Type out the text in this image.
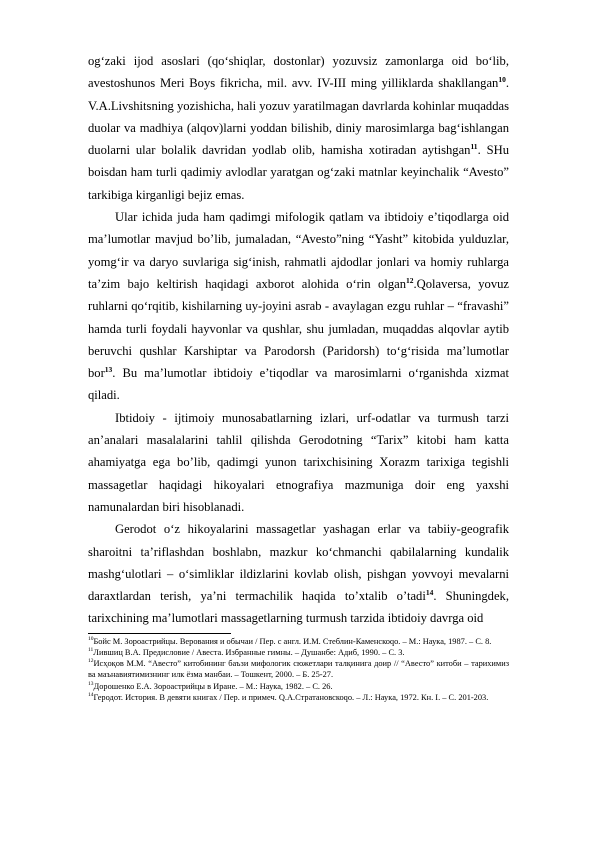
og‘zaki ijod asoslari (qo‘shiqlar, dostonlar) yozuvsiz zamonlarga oid bo‘lib, avestoshunos Meri Boys fikricha, mil. avv. IV-III ming yilliklarda shakllangan$^{10}$. V.A.Livshitsning yozishicha, hali yozuv yaratilmagan davrlarda kohinlar muqaddas duolar va madhiya (alqov)larni yoddan bilishib, diniy marosimlarga bag‘ishlangan duolarni ular bolalik davridan yodlab olib, hamisha xotiradan aytishgan$^{11}$. SHu boisdan ham turli qadimiy avlodlar yaratgan og‘zaki matnlar keyinchalik “Avesto” tarkibiga kirganligi bejiz emas.

Ular ichida juda ham qadimgi mifologik qatlam va ibtidoiy e’tiqodlarga oid ma’lumotlar mavjud bo’lib, jumaladan, “Avesto”ning “Yasht” kitobida yulduzlar, yomg‘ir va daryo suvlariga sig‘inish, rahmatli ajdodlar jonlari va homiy ruhlarga ta’zim bajo keltirish haqidagi axborot alohida o‘rin olgan$^{12}$.Qolaversa, yovuz ruhlarni qo‘rqitib, kishilarning uy-joyini asrab - avaylagan ezgu ruhlar – “fravashi” hamda turli foydali hayvonlar va qushlar, shu jumladan, muqaddas alqovlar aytib beruvchi qushlar Karshiptar va Parodorsh (Paridorsh) to‘g‘risida ma’lumotlar bor$^{13}$. Bu ma’lumotlar ibtidoiy e’tiqodlar va marosimlarni o‘rganishda xizmat qiladi.

Ibtidoiy - ijtimoiy munosabatlarning izlari, urf-odatlar va turmush tarzi an’analari masalalarini tahlil qilishda Gerodotning “Tarix” kitobi ham katta ahamiyatga ega bo’lib, qadimgi yunon tarixchisining Xorazm tarixiga tegishli massagetlar haqidagi hikoyalari etnografiya mazmuniga doir eng yaxshi namunalardan biri hisoblanadi.

Gerodot o‘z hikoyalarini massagetlar yashagan erlar va tabiiy-geografik sharoitni ta’riflashdan boshlabn, mazkur ko‘chmanchi qabilalarning kundalik mashg‘ulotlari – o‘simliklar ildizlarini kovlab olish, pishgan yovvoyi mevalarni daraxtlardan terish, ya’ni termachilik haqida to’xtalib o’tadi$^{14}$. Shuningdek, tarixchining ma’lumotlari massagetlarning turmush tarzida ibtidoiy davrga oid

$^{10}$Бойс М. Зороастрийцы. Верования и обычаи / Пер. с англ. И.М. Стеблин-Каменскоqo. – М.: Наука, 1987. – С. 8.

$^{11}$Лившиц В.А. Предисловие / Авеста. Избранные гимны. – Душанбе: Адиб, 1990. – С. 3.

$^{12}$Исҳоқов М.М. “Авесто” китобининг баъзи мифологик сюжетлари талқинига доир // “Авесто” китоби – тарихимиз ва маънавиятимизнинг илк ёзма манбаи. – Тошкент, 2000. – Б. 25-27.

$^{13}$Дорошенко Е.А. Зороастрийцы в Иране. – М.: Наука, 1982. – С. 26.

$^{14}$Геродот. История. В девяти книгах / Пер. и примеч. Q.А.Стратановскоqo. – Л.: Наука, 1972. Кн. I. – С. 201-203.
